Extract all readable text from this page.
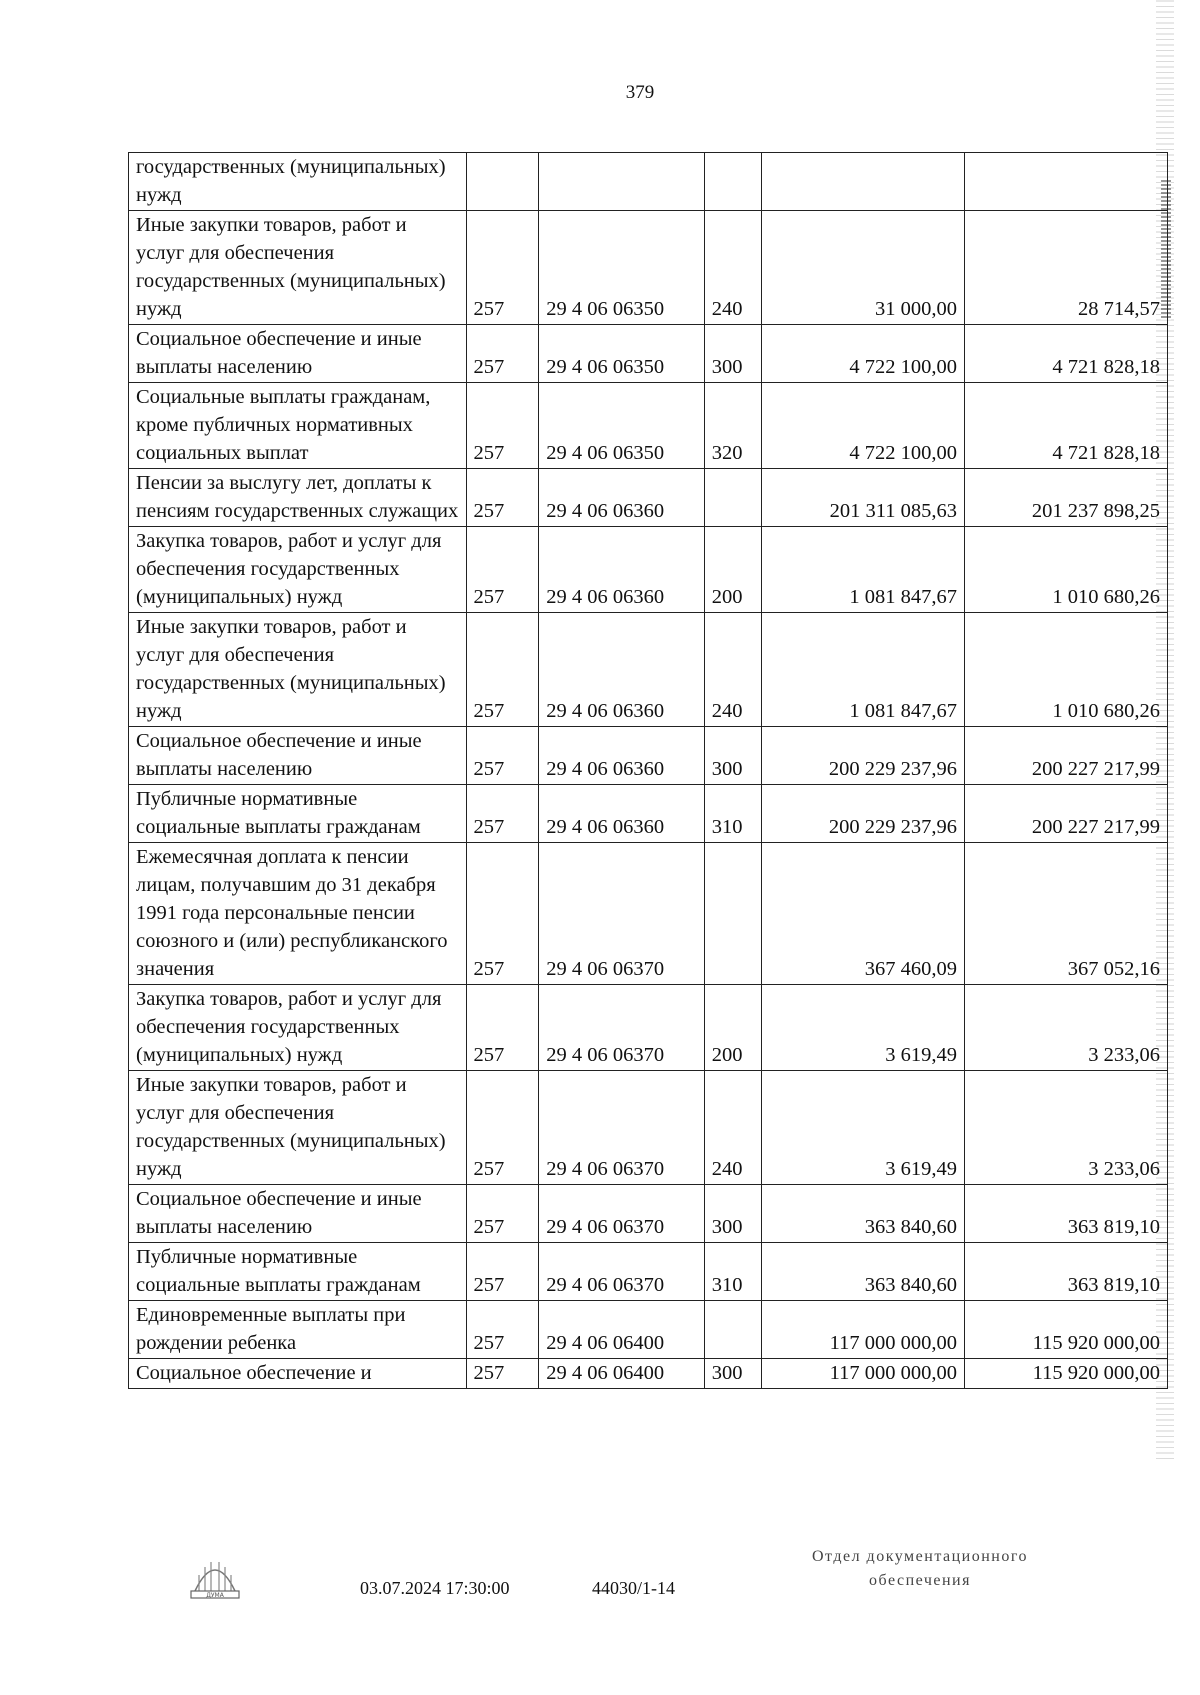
379
государственных (муниципальных) нужд					
Иные закупки товаров, работ и услуг для обеспечения государственных (муниципальных) нужд	257	29 4 06 06350	240	31 000,00	28 714,57
Социальное обеспечение и иные выплаты населению	257	29 4 06 06350	300	4 722 100,00	4 721 828,18
Социальные выплаты гражданам, кроме публичных нормативных социальных выплат	257	29 4 06 06350	320	4 722 100,00	4 721 828,18
Пенсии за выслугу лет, доплаты к пенсиям государственных служащих	257	29 4 06 06360		201 311 085,63	201 237 898,25
Закупка товаров, работ и услуг для обеспечения государственных (муниципальных) нужд	257	29 4 06 06360	200	1 081 847,67	1 010 680,26
Иные закупки товаров, работ и услуг для обеспечения государственных (муниципальных) нужд	257	29 4 06 06360	240	1 081 847,67	1 010 680,26
Социальное обеспечение и иные выплаты населению	257	29 4 06 06360	300	200 229 237,96	200 227 217,99
Публичные нормативные социальные выплаты гражданам	257	29 4 06 06360	310	200 229 237,96	200 227 217,99
Ежемесячная доплата к пенсии лицам, получавшим до 31 декабря 1991 года персональные пенсии союзного и (или) республиканского значения	257	29 4 06 06370		367 460,09	367 052,16
Закупка товаров, работ и услуг для обеспечения государственных (муниципальных) нужд	257	29 4 06 06370	200	3 619,49	3 233,06
Иные закупки товаров, работ и услуг для обеспечения государственных (муниципальных) нужд	257	29 4 06 06370	240	3 619,49	3 233,06
Социальное обеспечение и иные выплаты населению	257	29 4 06 06370	300	363 840,60	363 819,10
Публичные нормативные социальные выплаты гражданам	257	29 4 06 06370	310	363 840,60	363 819,10
Единовременные выплаты при рождении ребенка	257	29 4 06 06400		117 000 000,00	115 920 000,00
Социальное обеспечение и	257	29 4 06 06400	300	117 000 000,00	115 920 000,00
ДУМА	03.07.2024 17:30:00	44030/1-14
Отдел документационного
обеспечения
